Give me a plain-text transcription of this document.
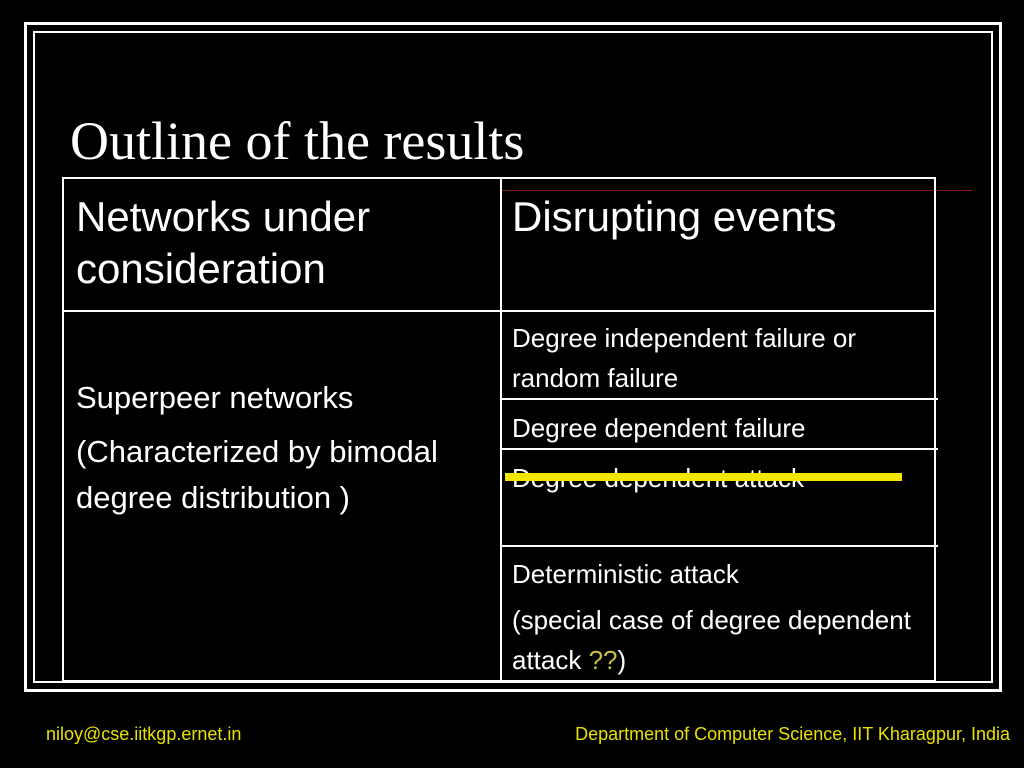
Outline of the results
Networks under consideration
Disrupting events
Superpeer networks
(Characterized by bimodal degree distribution )
Degree independent failure or random failure
Degree dependent failure
Deterministic attack
(special case of degree dependent attack ??)
niloy@cse.iitkgp.ernet.in	Department of Computer Science, IIT Kharagpur, India
